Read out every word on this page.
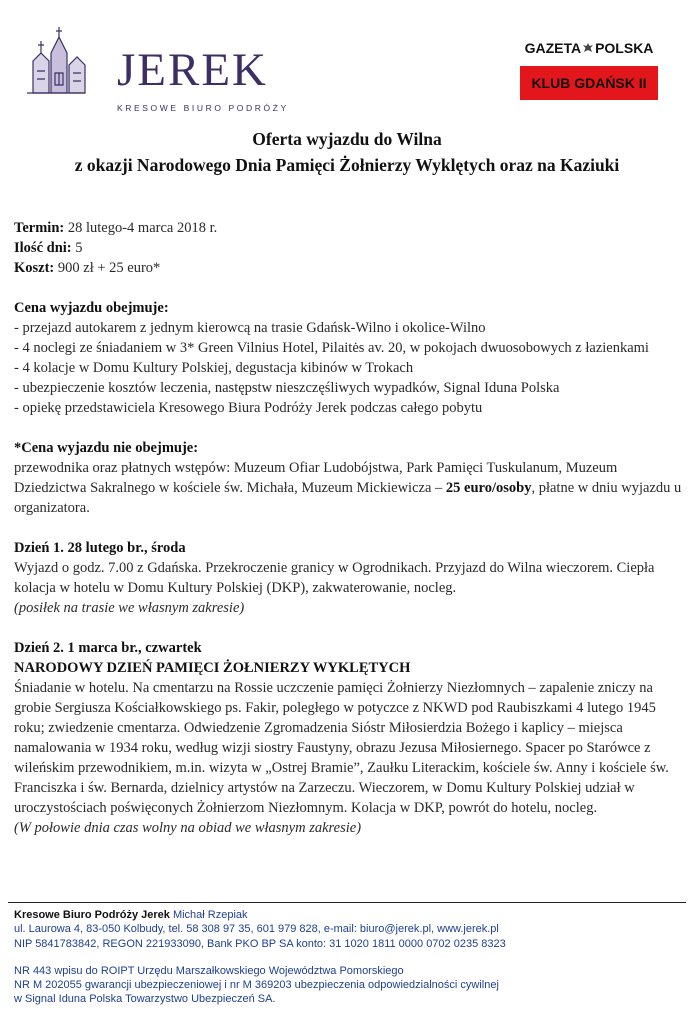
JEREK
KRESOWE BIURO PODRÓŻY
GAZETA POLSKA
KLUB GDAŃSK II
Oferta wyjazdu do Wilna
z okazji Narodowego Dnia Pamięci Żołnierzy Wyklętych oraz na Kaziuki

Termin: 28 lutego-4 marca 2018 r.

Ilość dni: 5

Koszt: 900 zł + 25 euro*

Cena wyjazdu obejmuje:

- przejazd autokarem z jednym kierowcą na trasie Gdańsk-Wilno i okolice-Wilno

- 4 noclegi ze śniadaniem w 3* Green Vilnius Hotel, Pilaitės av. 20, w pokojach dwuosobowych z łazienkami

- 4 kolacje w Domu Kultury Polskiej, degustacja kibinów w Trokach

- ubezpieczenie kosztów leczenia, następstw nieszczęśliwych wypadków, Signal Iduna Polska

- opiekę przedstawiciela Kresowego Biura Podróży Jerek podczas całego pobytu

*Cena wyjazdu nie obejmuje:

przewodnika oraz płatnych wstępów: Muzeum Ofiar Ludobójstwa, Park Pamięci Tuskulanum, Muzeum Dziedzictwa Sakralnego w kościele św. Michała, Muzeum Mickiewicza – 25 euro/osoby, płatne w dniu wyjazdu u organizatora.

Dzień 1. 28 lutego br., środa

Wyjazd o godz. 7.00 z Gdańska. Przekroczenie granicy w Ogrodnikach. Przyjazd do Wilna wieczorem. Ciepła kolacja w hotelu w Domu Kultury Polskiej (DKP), zakwaterowanie, nocleg.

(posiłek na trasie we własnym zakresie)

Dzień 2. 1 marca br., czwartek

NARODOWY DZIEŃ PAMIĘCI ŻOŁNIERZY WYKLĘTYCH

Śniadanie w hotelu. Na cmentarzu na Rossie uczczenie pamięci Żołnierzy Niezłomnych – zapalenie zniczy na grobie Sergiusza Kościałkowskiego ps. Fakir, poległego w potyczce z NKWD pod Raubiszkami 4 lutego 1945 roku; zwiedzenie cmentarza. Odwiedzenie Zgromadzenia Sióstr Miłosierdzia Bożego i kaplicy – miejsca namalowania w 1934 roku, według wizji siostry Faustyny, obrazu Jezusa Miłosiernego. Spacer po Starówce z wileńskim przewodnikiem, m.in. wizyta w „Ostrej Bramie”, Zaułku Literackim, kościele św. Anny i kościele św. Franciszka i św. Bernarda, dzielnicy artystów na Zarzeczu. Wieczorem, w Domu Kultury Polskiej udział w uroczystościach poświęconych Żołnierzom Niezłomnym. Kolacja w DKP, powrót do hotelu, nocleg.

(W połowie dnia czas wolny na obiad we własnym zakresie)

Kresowe Biuro Podróży Jerek Michał Rzepiak

ul. Laurowa 4, 83-050 Kolbudy, tel. 58 308 97 35, 601 979 828, e-mail: biuro@jerek.pl, www.jerek.pl

NIP 5841783842, REGON 221933090, Bank PKO BP SA konto: 31 1020 1811 0000 0702 0235 8323

NR 443 wpisu do ROIPT Urzędu Marszałkowskiego Województwa Pomorskiego

NR M 202055 gwarancji ubezpieczeniowej i nr M 369203 ubezpieczenia odpowiedzialności cywilnej

w Signal Iduna Polska Towarzystwo Ubezpieczeń SA.
